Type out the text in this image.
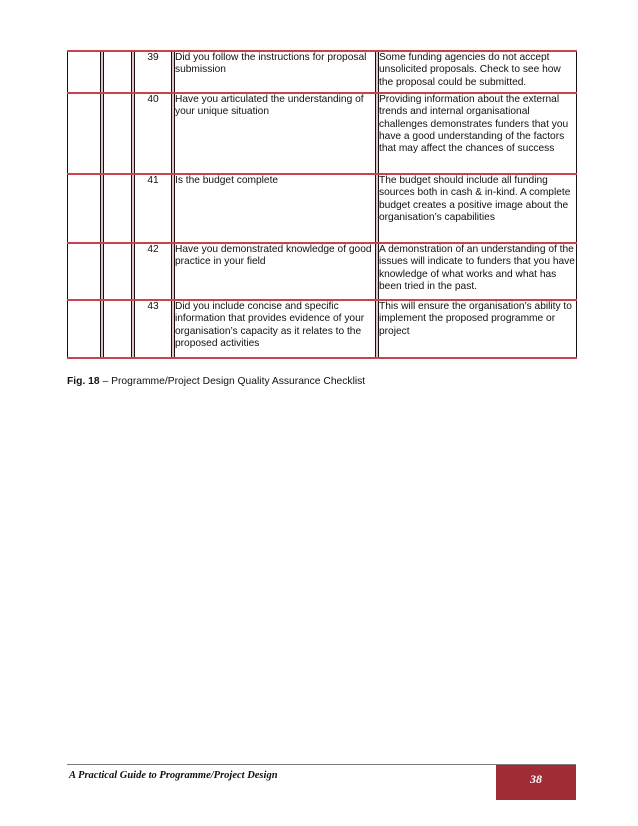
				39		Did you follow the instructions for proposal submission		Some funding agencies do not accept unsolicited proposals. Check to see how the proposal could be submitted.
				40		Have you articulated the understanding of your unique situation		Providing information about the external trends and internal organisational challenges demonstrates funders that you have a good understanding of the factors that may affect the chances of success
				41		Is the budget complete		The budget should include all funding sources both in cash & in-kind. A complete budget creates a positive image about the organisation’s capabilities
				42		Have you demonstrated knowledge of good practice in your field		A demonstration of an understanding of the issues will indicate to funders that you have knowledge of what works and what has been tried in the past.
				43		Did you include concise and specific information that provides evidence of your organisation’s capacity as it relates to the proposed activities		This will ensure the organisation’s ability to implement the proposed programme or project
Fig. 18 – Programme/Project Design Quality Assurance Checklist
A Practical Guide to Programme/Project Design	38
